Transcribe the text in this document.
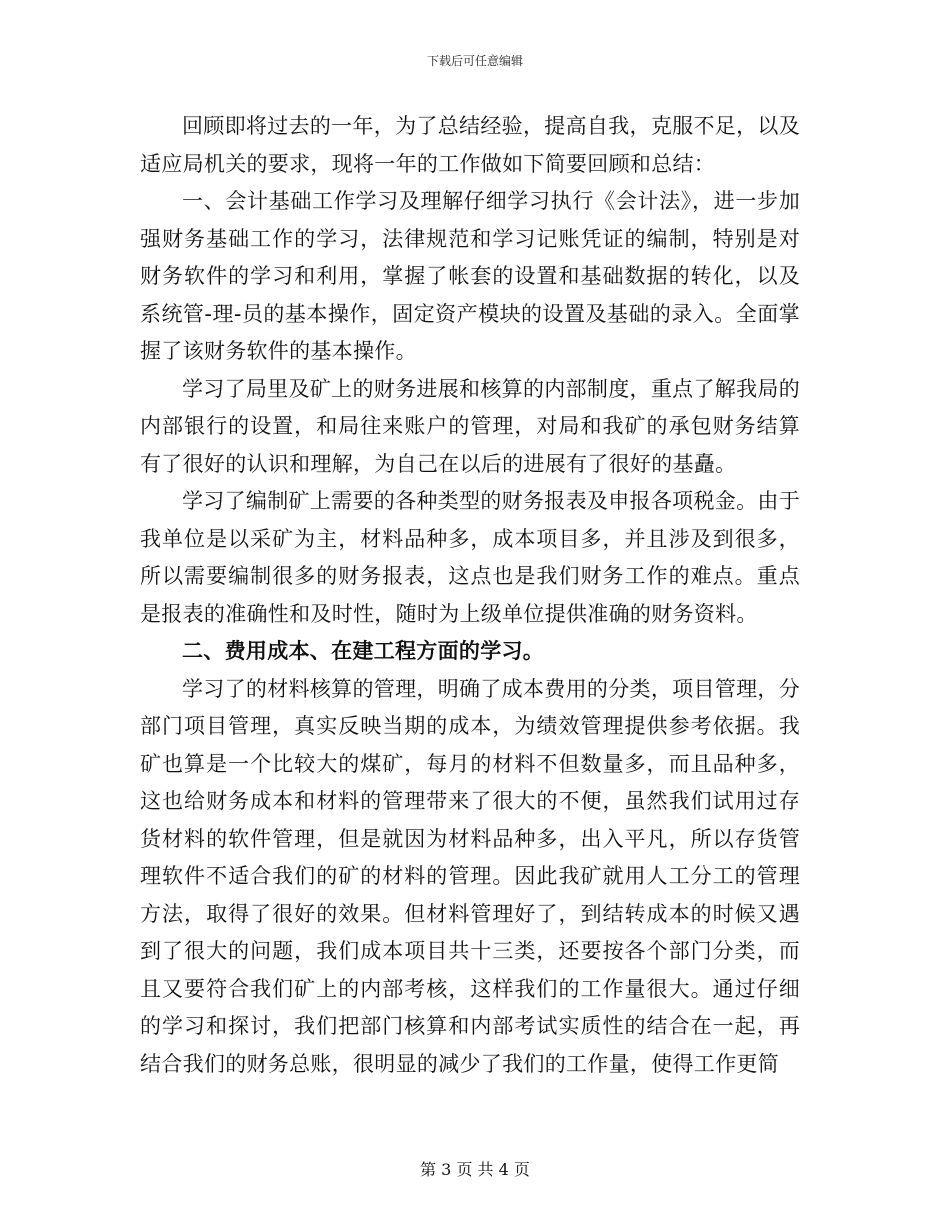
下载后可任意编辑

回顾即将过去的一年，为了总结经验，提高自我，克服不足，以及适应局机关的要求，现将一年的工作做如下简要回顾和总结：

一、会计基础工作学习及理解仔细学习执行《会计法》，进一步加强财务基础工作的学习，法律规范和学习记账凭证的编制，特别是对财务软件的学习和利用，掌握了帐套的设置和基础数据的转化，以及系统管-理-员的基本操作，固定资产模块的设置及基础的录入。全面掌握了该财务软件的基本操作。

学习了局里及矿上的财务进展和核算的内部制度，重点了解我局的内部银行的设置，和局往来账户的管理，对局和我矿的承包财务结算有了很好的认识和理解，为自己在以后的进展有了很好的基矗。

学习了编制矿上需要的各种类型的财务报表及申报各项税金。由于我单位是以采矿为主，材料品种多，成本项目多，并且涉及到很多，所以需要编制很多的财务报表，这点也是我们财务工作的难点。重点是报表的准确性和及时性，随时为上级单位提供准确的财务资料。

二、费用成本、在建工程方面的学习。

学习了的材料核算的管理，明确了成本费用的分类，项目管理，分部门项目管理，真实反映当期的成本，为绩效管理提供参考依据。我矿也算是一个比较大的煤矿，每月的材料不但数量多，而且品种多，这也给财务成本和材料的管理带来了很大的不便，虽然我们试用过存货材料的软件管理，但是就因为材料品种多，出入平凡，所以存货管理软件不适合我们的矿的材料的管理。因此我矿就用人工分工的管理方法，取得了很好的效果。但材料管理好了，到结转成本的时候又遇到了很大的问题，我们成本项目共十三类，还要按各个部门分类，而且又要符合我们矿上的内部考核，这样我们的工作量很大。通过仔细的学习和探讨，我们把部门核算和内部考试实质性的结合在一起，再结合我们的财务总账，很明显的减少了我们的工作量，使得工作更简

第 3 页 共 4 页
